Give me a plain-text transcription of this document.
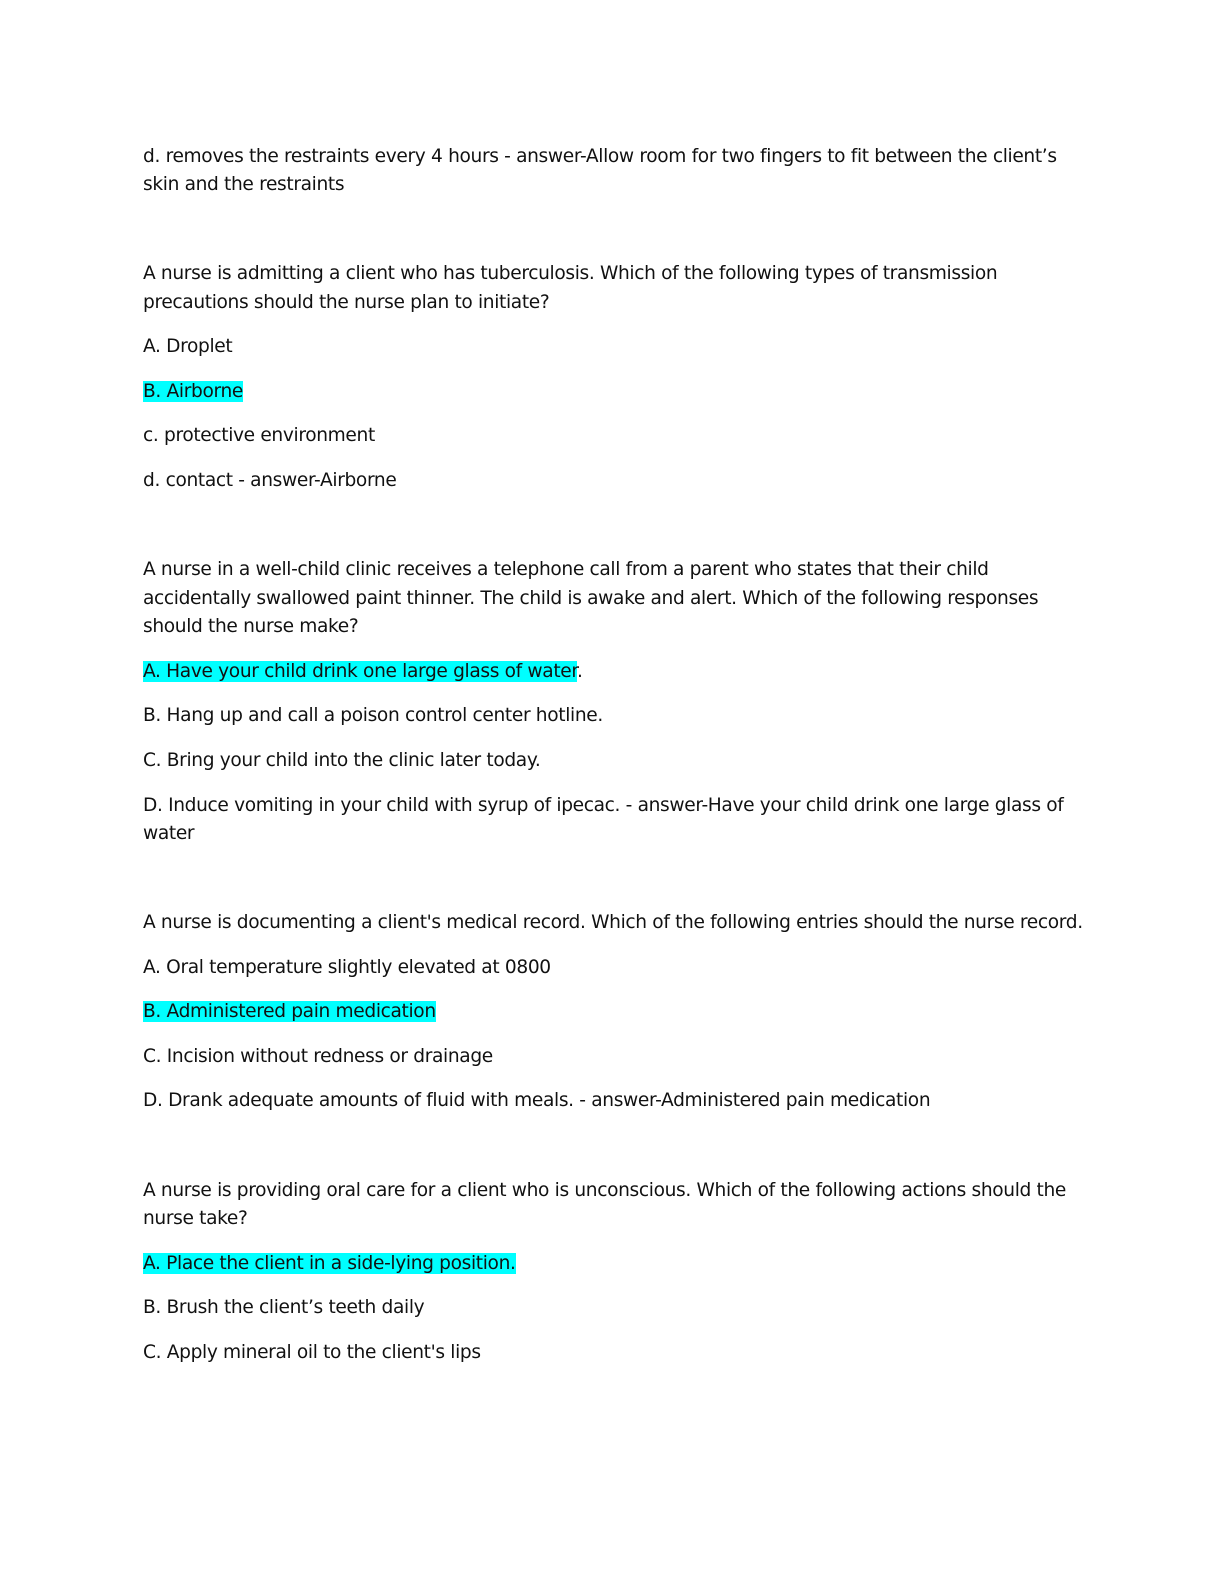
d. removes the restraints every 4 hours - answer-Allow room for two fingers to fit between the client’s

skin and the restraints

A nurse is admitting a client who has tuberculosis. Which of the following types of transmission

precautions should the nurse plan to initiate?

A. Droplet

B. Airborne

c. protective environment

d. contact - answer-Airborne

A nurse in a well-child clinic receives a telephone call from a parent who states that their child

accidentally swallowed paint thinner. The child is awake and alert. Which of the following responses

should the nurse make?

A. Have your child drink one large glass of water.

B. Hang up and call a poison control center hotline.

C. Bring your child into the clinic later today.

D. Induce vomiting in your child with syrup of ipecac. - answer-Have your child drink one large glass of

water

A nurse is documenting a client's medical record. Which of the following entries should the nurse record.

A. Oral temperature slightly elevated at 0800

B. Administered pain medication

C. Incision without redness or drainage

D. Drank adequate amounts of fluid with meals. - answer-Administered pain medication

A nurse is providing oral care for a client who is unconscious. Which of the following actions should the

nurse take?

A. Place the client in a side-lying position.

B. Brush the client’s teeth daily

C. Apply mineral oil to the client's lips
